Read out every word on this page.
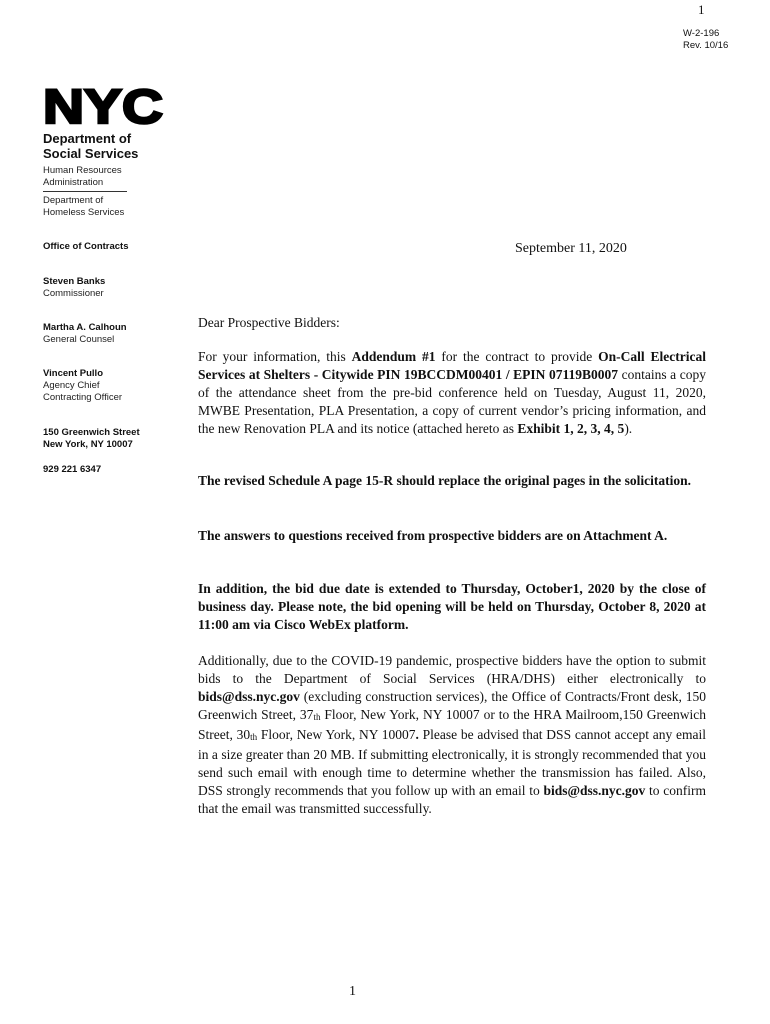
1
W-2-196
Rev. 10/16
NYC
Department of
Social Services
Human Resources
Administration
Department of
Homeless Services
Office of Contracts
Steven Banks
Commissioner
Martha A. Calhoun
General Counsel
Vincent Pullo
Agency Chief
Contracting Officer
150 Greenwich Street
New York, NY 10007
929 221 6347
September 11, 2020

Dear Prospective Bidders:

For your information, this Addendum #1 for the contract to provide On-Call Electrical Services at Shelters - Citywide PIN 19BCCDM00401 / EPIN 07119B0007 contains a copy of the attendance sheet from the pre-bid conference held on Tuesday, August 11, 2020, MWBE Presentation, PLA Presentation, a copy of current vendor’s pricing information, and the new Renovation PLA and its notice (attached hereto as Exhibit 1, 2, 3, 4, 5).

The revised Schedule A page 15-R should replace the original pages in the solicitation.

The answers to questions received from prospective bidders are on Attachment A.

In addition, the bid due date is extended to Thursday, October1, 2020 by the close of business day. Please note, the bid opening will be held on Thursday, October 8, 2020 at 11:00 am via Cisco WebEx platform.

Additionally, due to the COVID-19 pandemic, prospective bidders have the option to submit bids to the Department of Social Services (HRA/DHS) either electronically to bids@dss.nyc.gov (excluding construction services), the Office of Contracts/Front desk, 150 Greenwich Street, $37_{th}$ Floor, New York, NY 10007 or to the HRA Mailroom,150 Greenwich Street, $30_{th}$ Floor, New York, NY 10007. Please be advised that DSS cannot accept any email in a size greater than 20 MB. If submitting electronically, it is strongly recommended that you send such email with enough time to determine whether the transmission has failed. Also, DSS strongly recommends that you follow up with an email to bids@dss.nyc.gov to confirm that the email was transmitted successfully.

1
